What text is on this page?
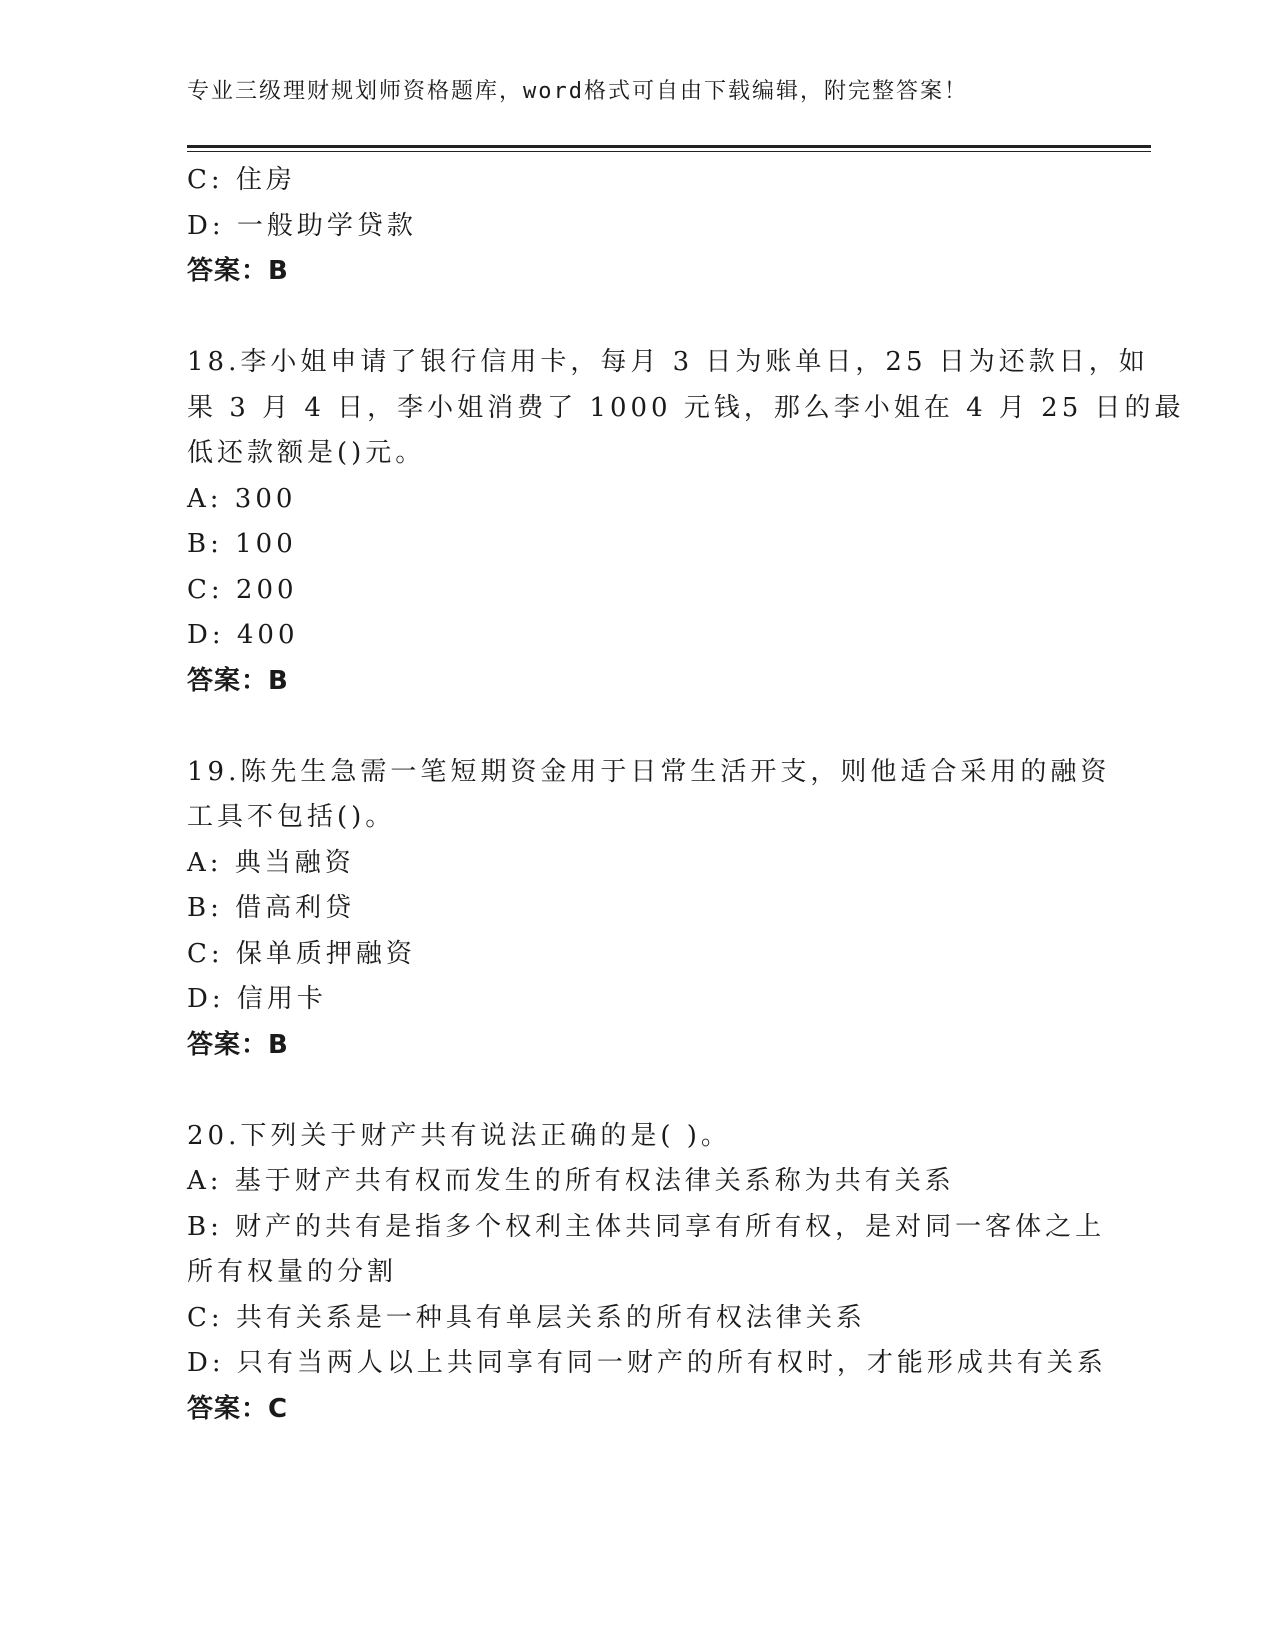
专业三级理财规划师资格题库，word格式可自由下载编辑，附完整答案！
C: 住房
D: 一般助学贷款
答案：B
18.李小姐申请了银行信用卡，每月 3 日为账单日，25 日为还款日，如
果 3 月 4 日，李小姐消费了 1000 元钱，那么李小姐在 4 月 25 日的最
低还款额是()元。
A: 300
B: 100
C: 200
D: 400
答案：B
19.陈先生急需一笔短期资金用于日常生活开支，则他适合采用的融资
工具不包括()。
A: 典当融资
B: 借高利贷
C: 保单质押融资
D: 信用卡
答案：B
20.下列关于财产共有说法正确的是( )。
A: 基于财产共有权而发生的所有权法律关系称为共有关系
B: 财产的共有是指多个权利主体共同享有所有权，是对同一客体之上
所有权量的分割
C: 共有关系是一种具有单层关系的所有权法律关系
D: 只有当两人以上共同享有同一财产的所有权时，才能形成共有关系
答案：C
